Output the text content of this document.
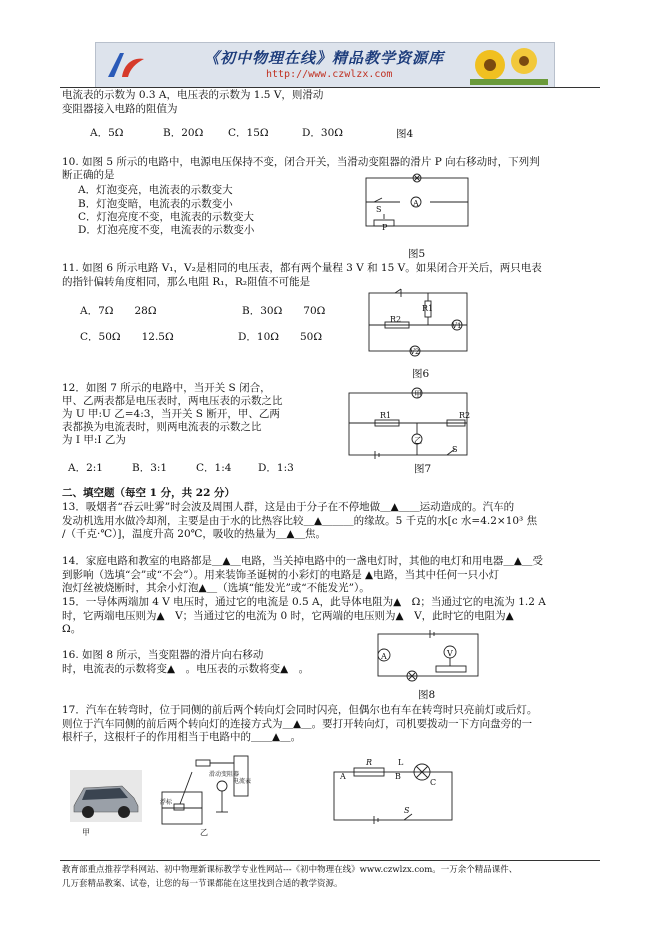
《初中物理在线》精品教学资源库
http://www.czwlzx.com
电流表的示数为 0.3 A，电压表的示数为 1.5 V，则滑动
变阻器接入电路的阻值为
A．5Ω	B．20Ω C．15Ω	D．30Ω	图4
10. 如图 5 所示的电路中，电源电压保持不变，闭合开关，当滑动变阻器的滑片 P 向右移动时，下列判
断正确的是
A．灯泡变亮，电流表的示数变大
B．灯泡变暗，电流表的示数变小
C．灯泡亮度不变，电流表的示数变大
D．灯泡亮度不变，电流表的示数变小
S
A
P
图5
11. 如图 6 所示电路 V₁，V₂是相同的电压表，都有两个量程 3 V 和 15 V。如果闭合开关后，两只电表
的指针偏转角度相同，那么电阻 R₁，R₂阻值不可能是
A．7Ω　　28Ω	B．30Ω　　70Ω
C．50Ω　　12.5Ω	D．10Ω　　50Ω
R1
R2
V1
V2
图6
12．如图 7 所示的电路中，当开关 S 闭合，
甲、乙两表都是电压表时，两电压表的示数之比
为 U 甲:U 乙=4:3，当开关 S 断开，甲、乙两
表都换为电流表时，则两电流表的示数之比
为 I 甲:I 乙为
A．2:1	B．3:1	C．1:4	D．1:3
甲
R1	R2
乙
S
图7
二、填空题（每空 1 分，共 22 分）
13．吸烟者“吞云吐雾”时会波及周围人群，这是由于分子在不停地做＿▲＿＿运动造成的。汽车的
发动机选用水做冷却剂，主要是由于水的比热容比较＿▲＿＿＿的缘故。5 千克的水[c 水=4.2×10³ 焦
/（千克·℃）]，温度升高 20℃，吸收的热量为＿▲＿焦。
14．家庭电路和教室的电路都是＿▲＿电路，当关掉电路中的一盏电灯时，其他的电灯和用电器＿▲＿受
到影响（选填“会”或“不会”）。用来装饰圣诞树的小彩灯的电路是 ▲电路，当其中任何一只小灯
泡灯丝被烧断时，其余小灯泡▲＿（选填“能发光”或“不能发光”）。
15．一导体两端加 4 V 电压时，通过它的电流是 0.5 A，此导体电阻为▲　Ω；当通过它的电流为 1.2 A
时，它两端电压则为▲　V；当通过它的电流为 0 时，它两端的电压则为▲　V，此时它的电阻为▲
Ω。
16. 如图 8 所示，当变阻器的滑片向右移动
时，电流表的示数将变▲　。电压表的示数将变▲　。
A	V
图8
17．汽车在转弯时，位于同侧的前后两个转向灯会同时闪亮，但偶尔也有车在转弯时只亮前灯或后灯。
则位于汽车同侧的前后两个转向灯的连接方式为＿▲＿。要打开转向灯，司机要拨动一下方向盘旁的一
根杆子，这根杆子的作用相当于电路中的＿＿▲＿。
甲
滑动变阻器
电流表
浮标
乙
R	L
A	B
C
S
教育部重点推荐学科网站、初中物理新课标教学专业性网站---《初中物理在线》www.czwlzx.com。一万余个精品课件、
几万套精品教案、试卷，让您的每一节课都能在这里找到合适的教学资源。
